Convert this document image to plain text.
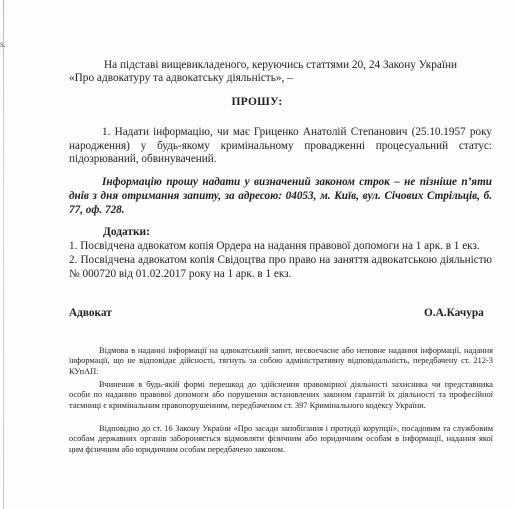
s.

На підставі вищевикладеного, керуючись статтями 20, 24 Закону України

«Про адвокатуру та адвокатську діяльність», –

ПРОШУ:

1. Надати інформацію, чи має Гриценко Анатолій Степанович (25.10.1957 року народження) у будь-якому кримінальному провадженні процесуальний статус: підозрюваний, обвинувачений.

Інформацію прошу надати у визначений законом строк – не пізніше п’яти днів з дня отримання запиту, за адресою: 04053, м. Київ, вул. Січових Стрільців, б. 77, оф. 728.

Додатки:

1. Посвідчена адвокатом копія Ордера на надання правової допомоги на 1 арк. в 1 екз.

2. Посвідчена адвокатом копія Свідоцтва про право на заняття адвокатською діяльністю № 000720 від 01.02.2017 року на 1 арк. в 1 екз.

Адвокат	О.А.Качура

Відмова в наданні інформації на адвокатський запит, несвоєчасне або неповне надання інформації, надання інформації, що не відповідає дійсності, тягнуть за собою адміністративну відповідальність, передбачену ст. 212-3 КУпАП.

Вчинення в будь-якій формі перешкод до здійснення правомірної діяльності захисника чи представника особи по наданню правової допомоги або порушення встановлених законом гарантій їх діяльності та професійної таємниці є кримінальним правопорушенням, передбаченим ст. 397 Кримінального кодексу України.

Відповідно до ст. 16 Закону України «Про засади запобігання і протидії корупції», посадовим та службовим особам державних органів забороняється відмовляти фізичним або юридичним особам в інформації, надання якої цим фізичним або юридичним особам передбачено законом.
